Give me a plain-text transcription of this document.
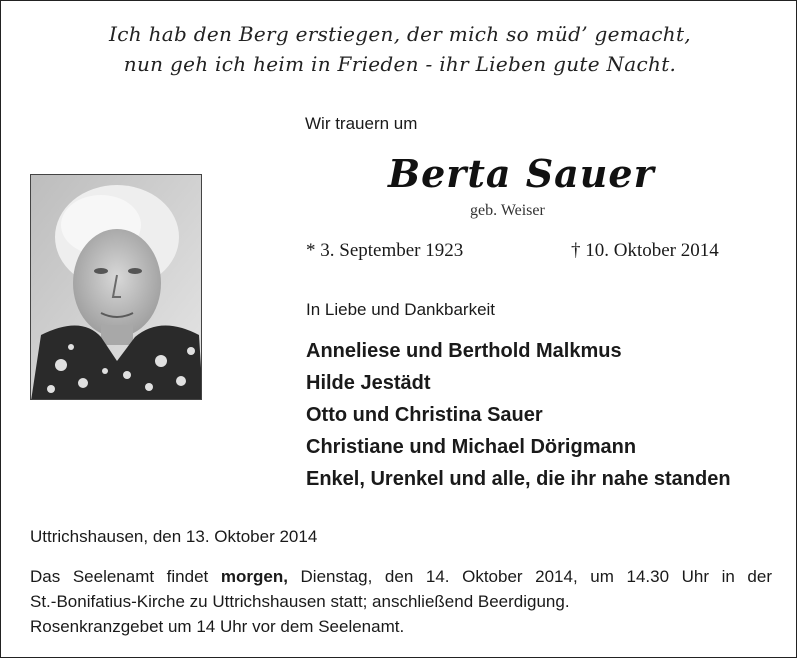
Ich hab den Berg erstiegen, der mich so müd’ gemacht,
nun geh ich heim in Frieden - ihr Lieben gute Nacht.
Wir trauern um
Berta Sauer
geb. Weiser
* 3. September 1923	† 10. Oktober 2014
In Liebe und Dankbarkeit
Anneliese und Berthold Malkmus
Hilde Jestädt
Otto und Christina Sauer
Christiane und Michael Dörigmann
Enkel, Urenkel und alle, die ihr nahe standen
Uttrichshausen, den 13. Oktober 2014
Das Seelenamt findet morgen, Dienstag, den 14. Oktober 2014, um 14.30 Uhr in der
St.-Bonifatius-Kirche zu Uttrichshausen statt; anschließend Beerdigung.
Rosenkranzgebet um 14 Uhr vor dem Seelenamt.
